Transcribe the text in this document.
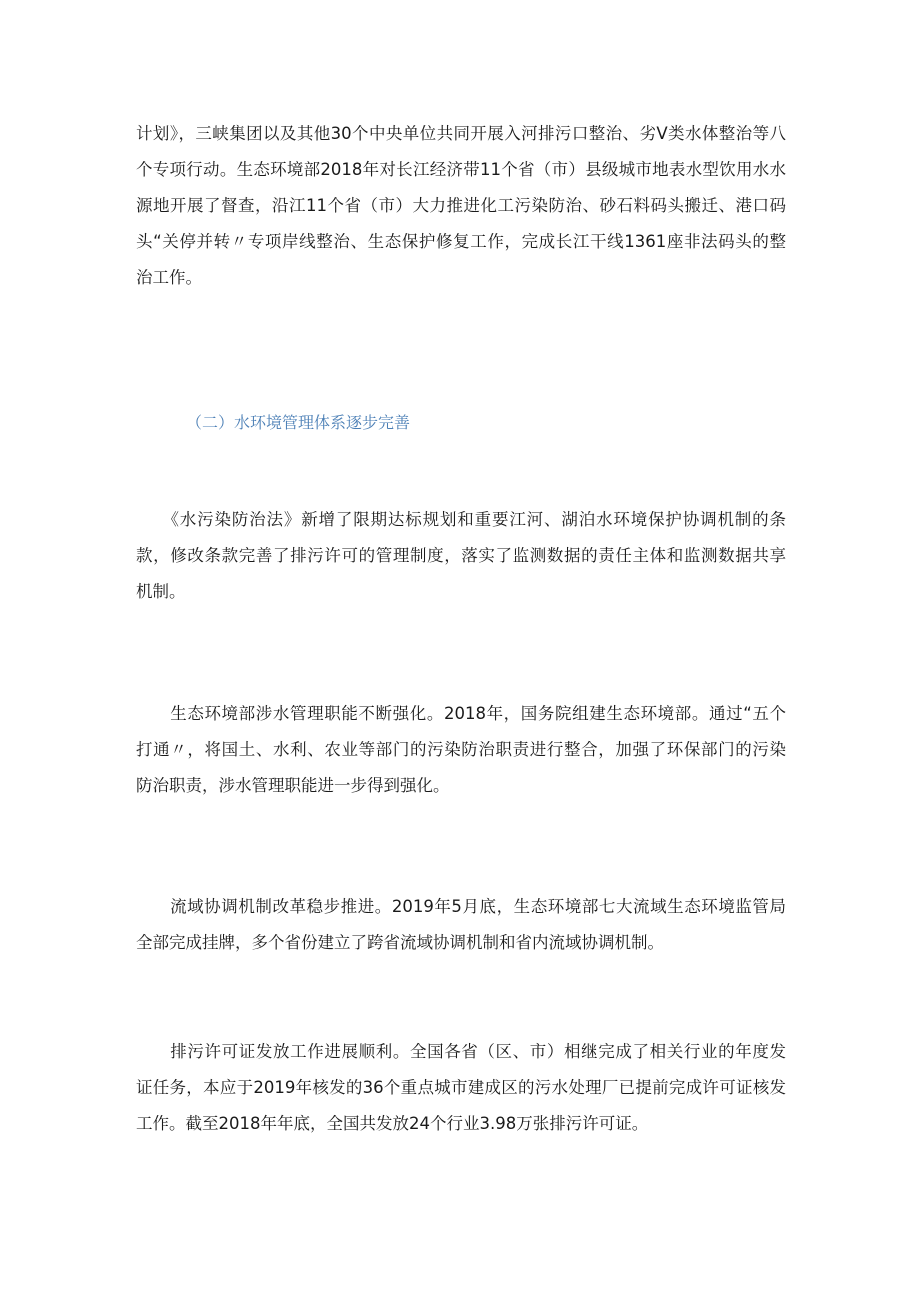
计划》，三峡集团以及其他30个中央单位共同开展入河排污口整治、劣V类水体整治等八
个专项行动。生态环境部2018年对长江经济带11个省（市）县级城市地表水型饮用水水
源地开展了督查，沿江11个省（市）大力推进化工污染防治、砂石料码头搬迁、港口码
头“关停并转〃专项岸线整治、生态保护修复工作，完成长江干线1361座非法码头的整
治工作。
（二）水环境管理体系逐步完善
　　《水污染防治法》新增了限期达标规划和重要江河、湖泊水环境保护协调机制的条
款，修改条款完善了排污许可的管理制度，落实了监测数据的责任主体和监测数据共享
机制。
　　生态环境部涉水管理职能不断强化。2018年，国务院组建生态环境部。通过“五个
打通〃，将国土、水利、农业等部门的污染防治职责进行整合，加强了环保部门的污染
防治职责，涉水管理职能进一步得到强化。
　　流域协调机制改革稳步推进。2019年5月底，生态环境部七大流域生态环境监管局
全部完成挂牌，多个省份建立了跨省流域协调机制和省内流域协调机制。
　　排污许可证发放工作进展顺利。全国各省（区、市）相继完成了相关行业的年度发
证任务，本应于2019年核发的36个重点城市建成区的污水处理厂已提前完成许可证核发
工作。截至2018年年底，全国共发放24个行业3.98万张排污许可证。
